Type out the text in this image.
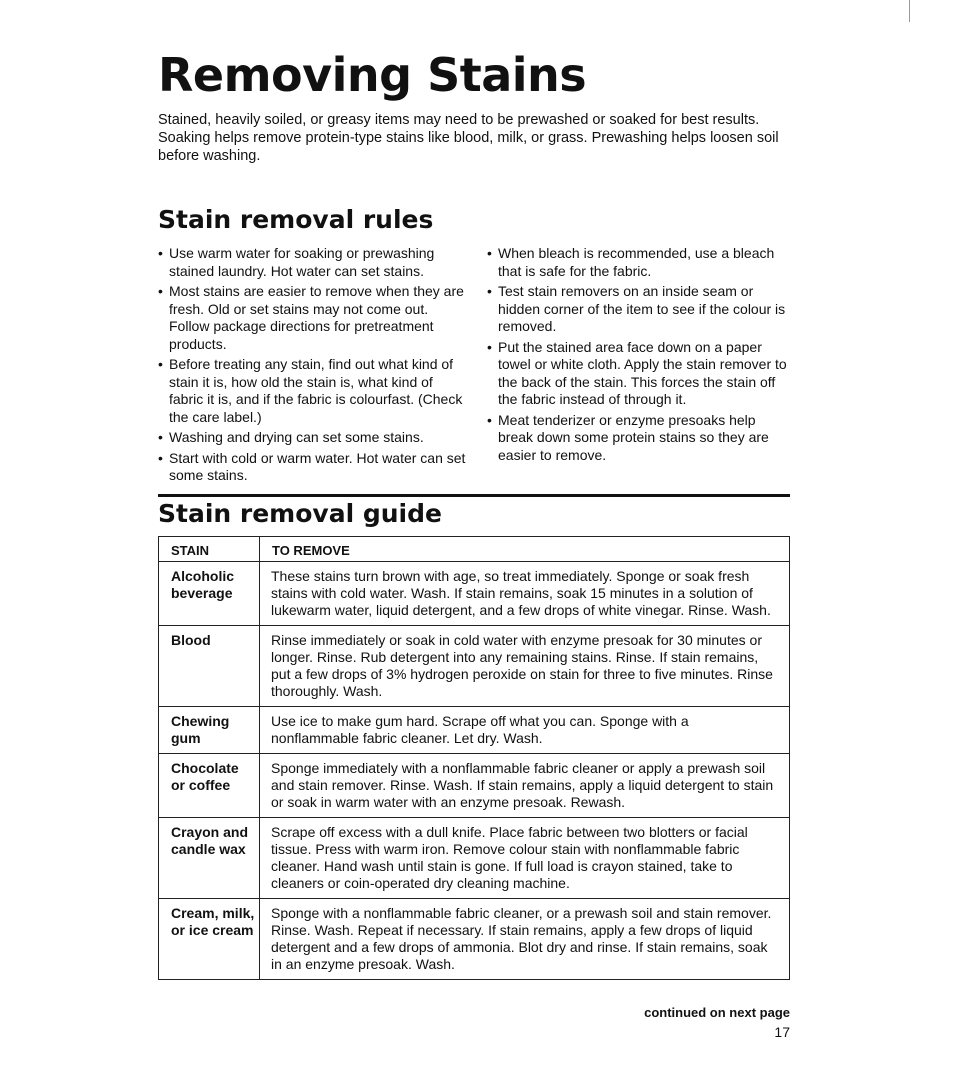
Removing Stains

Stained, heavily soiled, or greasy items may need to be prewashed or soaked for best results. Soaking helps remove protein-type stains like blood, milk, or grass. Prewashing helps loosen soil before washing.

Stain removal rules
• Use warm water for soaking or prewashing stained laundry. Hot water can set stains.
• Most stains are easier to remove when they are fresh. Old or set stains may not come out. Follow package directions for pretreatment products.
• Before treating any stain, find out what kind of stain it is, how old the stain is, what kind of fabric it is, and if the fabric is colourfast. (Check the care label.)
• Washing and drying can set some stains.
• Start with cold or warm water. Hot water can set some stains.
• When bleach is recommended, use a bleach that is safe for the fabric.
• Test stain removers on an inside seam or hidden corner of the item to see if the colour is removed.
• Put the stained area face down on a paper towel or white cloth. Apply the stain remover to the back of the stain. This forces the stain off the fabric instead of through it.
• Meat tenderizer or enzyme presoaks help break down some protein stains so they are easier to remove.
Stain removal guide
STAIN	TO REMOVE
Alcoholic beverage	These stains turn brown with age, so treat immediately. Sponge or soak fresh stains with cold water. Wash. If stain remains, soak 15 minutes in a solution of lukewarm water, liquid detergent, and a few drops of white vinegar. Rinse. Wash.
Blood	Rinse immediately or soak in cold water with enzyme presoak for 30 minutes or longer. Rinse. Rub detergent into any remaining stains. Rinse. If stain remains, put a few drops of 3% hydrogen peroxide on stain for three to five minutes. Rinse thoroughly. Wash.
Chewing gum	Use ice to make gum hard. Scrape off what you can. Sponge with a nonflammable fabric cleaner. Let dry. Wash.
Chocolate or coffee	Sponge immediately with a nonflammable fabric cleaner or apply a prewash soil and stain remover. Rinse. Wash. If stain remains, apply a liquid detergent to stain or soak in warm water with an enzyme presoak. Rewash.
Crayon and candle wax	Scrape off excess with a dull knife. Place fabric between two blotters or facial tissue. Press with warm iron. Remove colour stain with nonflammable fabric cleaner. Hand wash until stain is gone. If full load is crayon stained, take to cleaners or coin-operated dry cleaning machine.
Cream, milk, or ice cream	Sponge with a nonflammable fabric cleaner, or a prewash soil and stain remover. Rinse. Wash. Repeat if necessary. If stain remains, apply a few drops of liquid detergent and a few drops of ammonia. Blot dry and rinse. If stain remains, soak in an enzyme presoak. Wash.
continued on next page
17
